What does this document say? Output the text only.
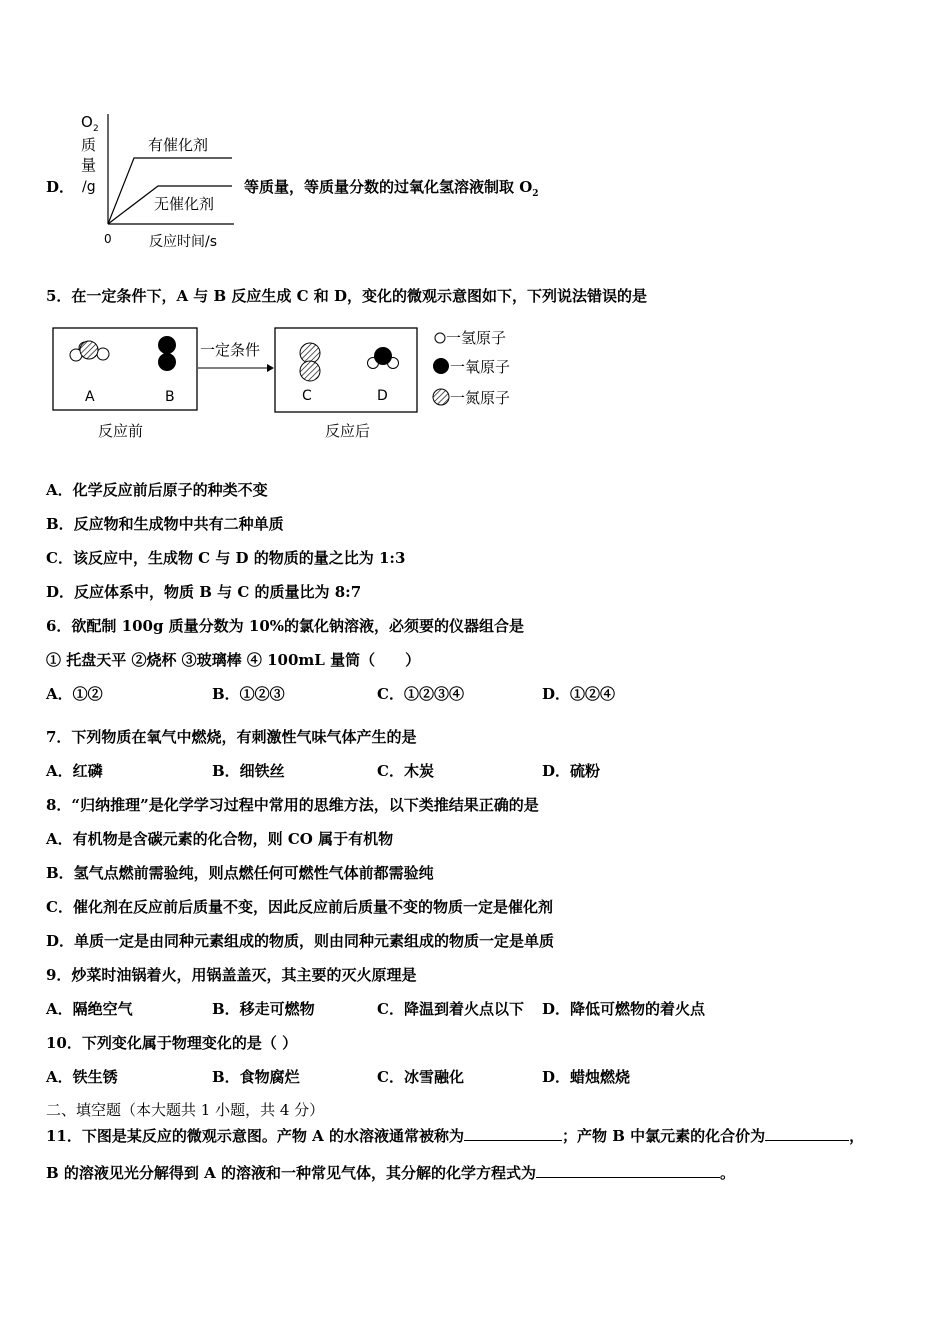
D．
O 2
质
量
/g
有催化剂
无催化剂
0	反应时间/s
等质量，等质量分数的过氧化氢溶液制取 $O_2$
5．在一定条件下，A 与 B 反应生成 C 和 D，变化的微观示意图如下，下列说法错误的是
A	B
一定条件
C	D
一氢原子
一氧原子
一氮原子
反应前	反应后
A．化学反应前后原子的种类不变
B．反应物和生成物中共有二种单质
C．该反应中，生成物 C 与 D 的物质的量之比为 1:3
D．反应体系中，物质 B 与 C 的质量比为 8:7
6．欲配制 100g 质量分数为 10%的氯化钠溶液，必须要的仪器组合是
① 托盘天平 ②烧杯 ③玻璃棒 ④ 100mL 量筒（　　）
A．①②	B．①②③	C．①②③④	D．①②④
7．下列物质在氧气中燃烧，有刺激性气味气体产生的是
A．红磷	B．细铁丝	C．木炭	D．硫粉
8．“归纳推理”是化学学习过程中常用的思维方法，以下类推结果正确的是
A．有机物是含碳元素的化合物，则 CO 属于有机物
B．氢气点燃前需验纯，则点燃任何可燃性气体前都需验纯
C．催化剂在反应前后质量不变，因此反应前后质量不变的物质一定是催化剂
D．单质一定是由同种元素组成的物质，则由同种元素组成的物质一定是单质
9．炒菜时油锅着火，用锅盖盖灭，其主要的灭火原理是
A．隔绝空气	B．移走可燃物	C．降温到着火点以下 D．降低可燃物的着火点
10．下列变化属于物理变化的是（ ）
A．铁生锈	B．食物腐烂	C．冰雪融化	D．蜡烛燃烧
二、填空题（本大题共 1 小题，共 4 分）
11．下图是某反应的微观示意图。产物 A 的水溶液通常被称为	；产物 B 中氯元素的化合价为	，
B 的溶液见光分解得到 A 的溶液和一种常见气体，其分解的化学方程式为	。
